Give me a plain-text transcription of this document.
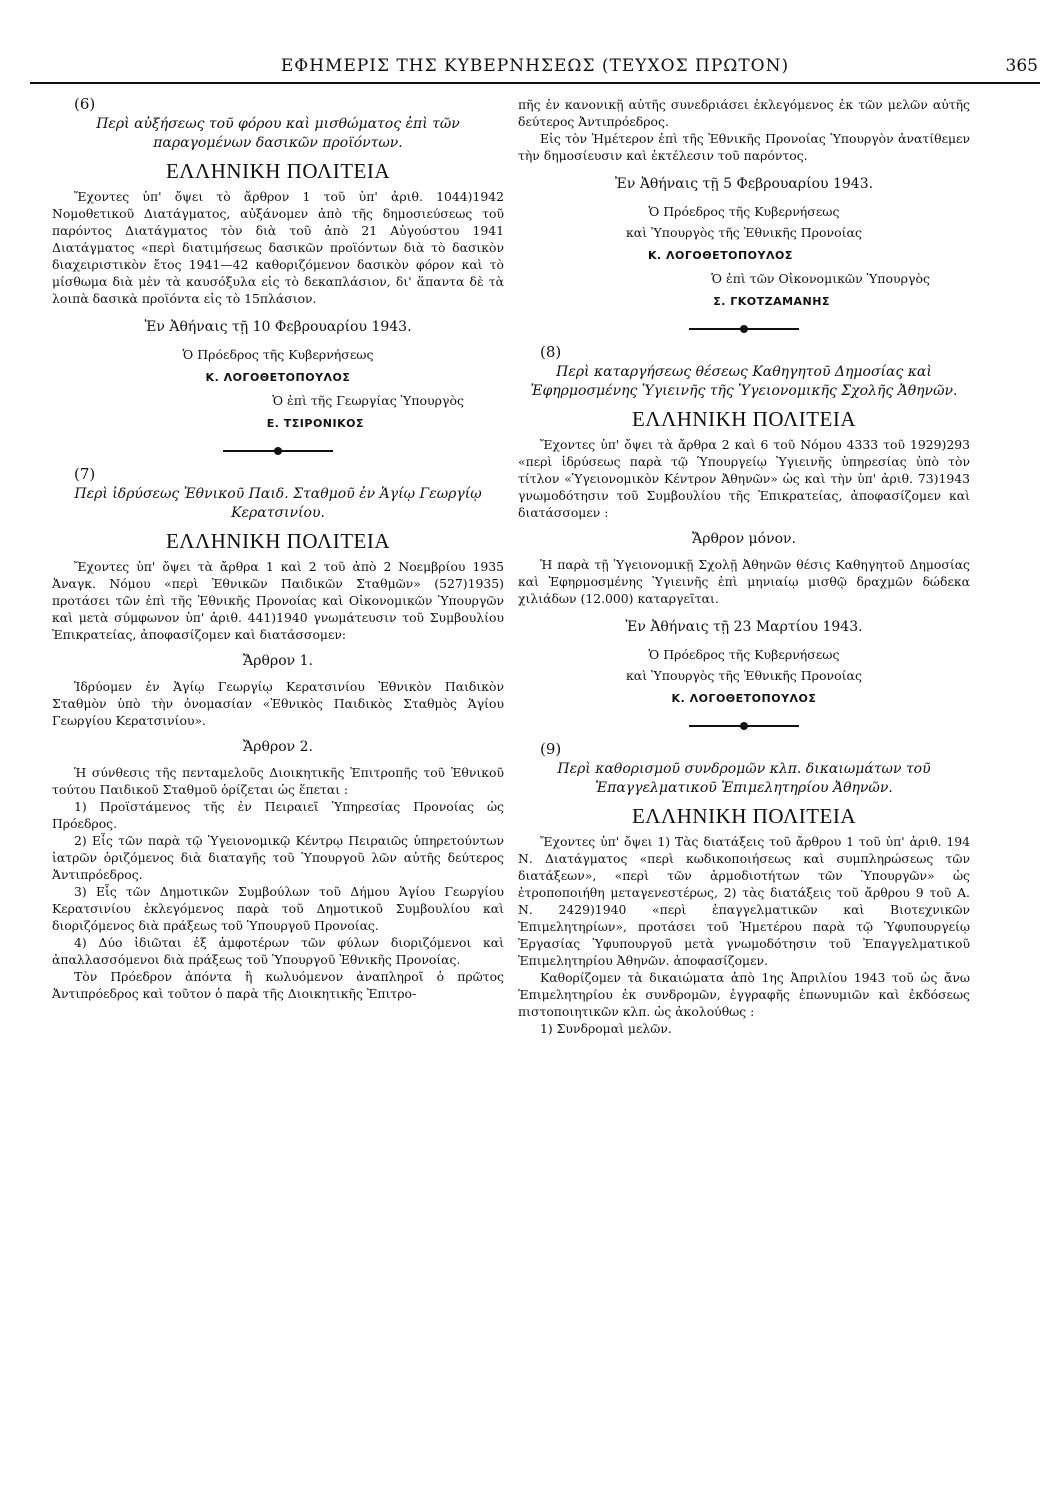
ΕΦΗΜΕΡΙΣ ΤΗΣ ΚΥΒΕΡΝΗΣΕΩΣ (ΤΕΥΧΟΣ ΠΡΩΤΟΝ)	365

(6)

Περὶ αὐξήσεως τοῦ φόρου καὶ μισθώματος ἐπὶ τῶν παραγομένων δασικῶν προϊόντων.
ΕΛΛΗΝΙΚΗ ΠΟΛΙΤΕΙΑ

Ἔχοντες ὑπ' ὄψει τὸ ἄρθρον 1 τοῦ ὑπ' ἀριθ. 1044)1942 Νομοθετικοῦ Διατάγματος, αὐξάνομεν ἀπὸ τῆς δημοσιεύσεως τοῦ παρόντος Διατάγματος τὸν διὰ τοῦ ἀπὸ 21 Αὐγούστου 1941 Διατάγματος «περὶ διατιμήσεως δασικῶν προϊόντων διὰ τὸ δασικὸν διαχειριστικὸν ἔτος 1941—42 καθοριζόμενον δασικὸν φόρον καὶ τὸ μίσθωμα διὰ μὲν τὰ καυσόξυλα εἰς τὸ δεκαπλάσιον, δι' ἅπαντα δὲ τὰ λοιπὰ δασικὰ προϊόντα εἰς τὸ 15πλάσιον.

Ἐν Ἀθήναις τῇ 10 Φεβρουαρίου 1943.
Ὁ Πρόεδρος τῆς Κυβερνήσεως
Κ. ΛΟΓΟΘΕΤΟΠΟΥΛΟΣ
Ὁ ἐπὶ τῆς Γεωργίας Ὑπουργὸς
Ε. ΤΣΙΡΟΝΙΚΟΣ

(7)

Περὶ ἱδρύσεως Ἐθνικοῦ Παιδ. Σταθμοῦ ἐν Ἁγίῳ Γεωργίῳ Κερατσινίου.
ΕΛΛΗΝΙΚΗ ΠΟΛΙΤΕΙΑ

Ἔχοντες ὑπ' ὄψει τὰ ἄρθρα 1 καὶ 2 τοῦ ἀπὸ 2 Νοεμβρίου 1935 Ἀναγκ. Νόμου «περὶ Ἐθνικῶν Παιδικῶν Σταθμῶν» (527)1935) προτάσει τῶν ἐπὶ τῆς Ἐθνικῆς Προνοίας καὶ Οἰκονομικῶν Ὑπουργῶν καὶ μετὰ σύμφωνον ὑπ' ἀριθ. 441)1940 γνωμάτευσιν τοῦ Συμβουλίου Ἐπικρατείας, ἀποφασίζομεν καὶ διατάσσομεν:

Ἄρθρον 1.

Ἱδρύομεν ἐν Ἁγίῳ Γεωργίῳ Κερατσινίου Ἐθνικὸν Παιδικὸν Σταθμὸν ὑπὸ τὴν ὀνομασίαν «Ἐθνικὸς Παιδικὸς Σταθμὸς Ἁγίου Γεωργίου Κερατσινίου».

Ἄρθρον 2.

Ἡ σύνθεσις τῆς πενταμελοῦς Διοικητικῆς Ἐπιτροπῆς τοῦ Ἐθνικοῦ τούτου Παιδικοῦ Σταθμοῦ ὁρίζεται ὡς ἕπεται :

1) Προϊστάμενος τῆς ἐν Πειραιεῖ Ὑπηρεσίας Προνοίας ὡς Πρόεδρος.

2) Εἷς τῶν παρὰ τῷ Ὑγειονομικῷ Κέντρῳ Πειραιῶς ὑπηρετούντων ἰατρῶν ὁριζόμενος διὰ διαταγῆς τοῦ Ὑπουργοῦ λῶν αὐτῆς δεύτερος Ἀντιπρόεδρος.

3) Εἷς τῶν Δημοτικῶν Συμβούλων τοῦ Δήμου Ἁγίου Γεωργίου Κερατσινίου ἐκλεγόμενος παρὰ τοῦ Δημοτικοῦ Συμβουλίου καὶ διοριζόμενος διὰ πράξεως τοῦ Ὑπουργοῦ Προνοίας.

4) Δύο ἰδιῶται ἐξ ἀμφοτέρων τῶν φύλων διοριζόμενοι καὶ ἀπαλλασσόμενοι διὰ πράξεως τοῦ Ὑπουργοῦ Ἐθνικῆς Προνοίας.

Τὸν Πρόεδρον ἀπόντα ἢ κωλυόμενον ἀναπληροῖ ὁ πρῶτος Ἀντιπρόεδρος καὶ τοῦτον ὁ παρὰ τῆς Διοικητικῆς Ἐπιτρο-

πῆς ἐν κανονικῇ αὐτῆς συνεδριάσει ἐκλεγόμενος ἐκ τῶν μελῶν αὐτῆς δεύτερος Ἀντιπρόεδρος.

Εἰς τὸν Ἡμέτερον ἐπὶ τῆς Ἐθνικῆς Προνοίας Ὑπουργὸν ἀνατίθεμεν τὴν δημοσίευσιν καὶ ἐκτέλεσιν τοῦ παρόντος.

Ἐν Ἀθήναις τῇ 5 Φεβρουαρίου 1943.
Ὁ Πρόεδρος τῆς Κυβερνήσεως
καὶ Ὑπουργὸς τῆς Ἐθνικῆς Προνοίας
Κ. ΛΟΓΟΘΕΤΟΠΟΥΛΟΣ
Ὁ ἐπὶ τῶν Οἰκονομικῶν Ὑπουργὸς
Σ. ΓΚΟΤΖΑΜΑΝΗΣ

(8)

Περὶ καταργήσεως θέσεως Καθηγητοῦ Δημοσίας καὶ Ἐφηρμοσμένης Ὑγιεινῆς τῆς Ὑγειονομικῆς Σχολῆς Ἀθηνῶν.
ΕΛΛΗΝΙΚΗ ΠΟΛΙΤΕΙΑ

Ἔχοντες ὑπ' ὄψει τὰ ἄρθρα 2 καὶ 6 τοῦ Νόμου 4333 τοῦ 1929)293 «περὶ ἱδρύσεως παρὰ τῷ Ὑπουργείῳ Ὑγιεινῆς ὑπηρεσίας ὑπὸ τὸν τίτλον «Ὑγειονομικὸν Κέντρον Ἀθηνῶν» ὡς καὶ τὴν ὑπ' ἀριθ. 73)1943 γνωμοδότησιν τοῦ Συμβουλίου τῆς Ἐπικρατείας, ἀποφασίζομεν καὶ διατάσσομεν :

Ἄρθρον μόνον.

Ἡ παρὰ τῇ Ὑγειονομικῇ Σχολῇ Ἀθηνῶν θέσις Καθηγητοῦ Δημοσίας καὶ Ἐφηρμοσμένης Ὑγιεινῆς ἐπὶ μηνιαίῳ μισθῷ δραχμῶν δώδεκα χιλιάδων (12.000) καταργεῖται.

Ἐν Ἀθήναις τῇ 23 Μαρτίου 1943.
Ὁ Πρόεδρος τῆς Κυβερνήσεως
καὶ Ὑπουργὸς τῆς Ἐθνικῆς Προνοίας
Κ. ΛΟΓΟΘΕΤΟΠΟΥΛΟΣ

(9)

Περὶ καθορισμοῦ συνδρομῶν κλπ. δικαιωμάτων τοῦ Ἐπαγγελματικοῦ Ἐπιμελητηρίου Ἀθηνῶν.
ΕΛΛΗΝΙΚΗ ΠΟΛΙΤΕΙΑ

Ἔχοντες ὑπ' ὄψει 1) Τὰς διατάξεις τοῦ ἄρθρου 1 τοῦ ὑπ' ἀριθ. 194 Ν. Διατάγματος «περὶ κωδικοποιήσεως καὶ συμπληρώσεως τῶν διατάξεων», «περὶ τῶν ἁρμοδιοτήτων τῶν Ὑπουργῶν» ὡς ἐτροποποιήθη μεταγενεστέρως, 2) τὰς διατάξεις τοῦ ἄρθρου 9 τοῦ Α. Ν. 2429)1940 «περὶ ἐπαγγελματικῶν καὶ Βιοτεχνικῶν Ἐπιμελητηρίων», προτάσει τοῦ Ἡμετέρου παρὰ τῷ Ὑφυπουργείῳ Ἐργασίας Ὑφυπουργοῦ μετὰ γνωμοδότησιν τοῦ Ἐπαγγελματικοῦ Ἐπιμελητηρίου Ἀθηνῶν. ἀποφασίζομεν.

Καθορίζομεν τὰ δικαιώματα ἀπὸ 1ης Ἀπριλίου 1943 τοῦ ὡς ἄνω Ἐπιμελητηρίου ἐκ συνδρομῶν, ἐγγραφῆς ἐπωνυμιῶν καὶ ἐκδόσεως πιστοποιητικῶν κλπ. ὡς ἀκολούθως :

1) Συνδρομαὶ μελῶν.
